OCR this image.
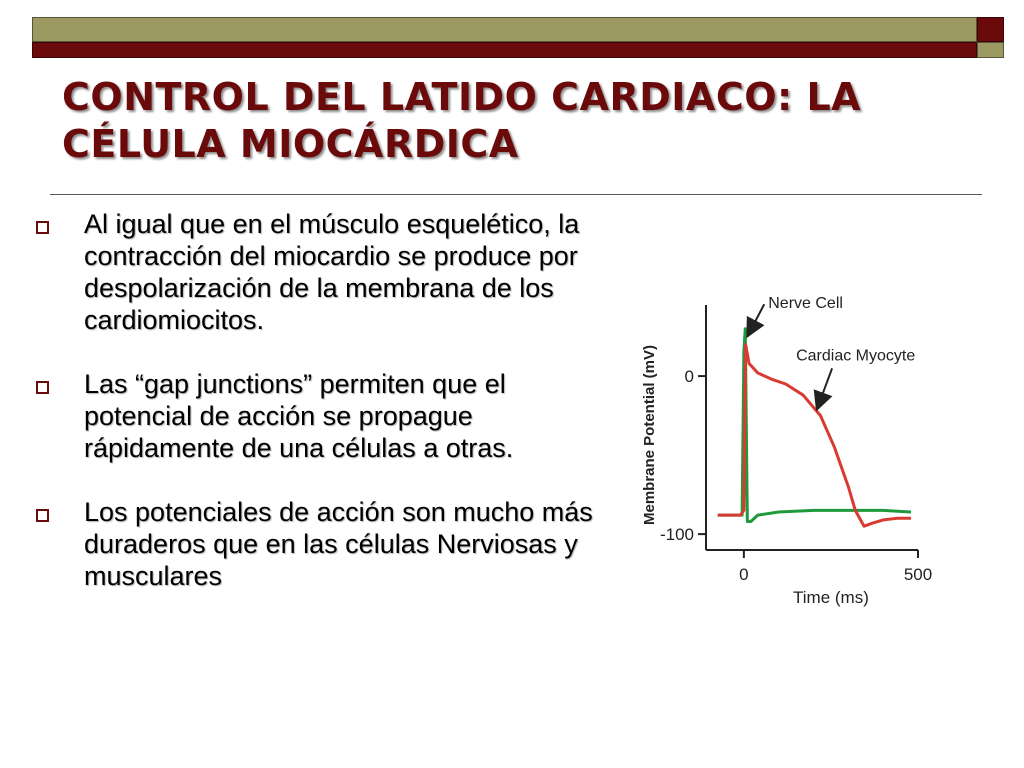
CONTROL DEL LATIDO CARDIACO: LA CÉLULA MIOCÁRDICA
Al igual que en el músculo esquelético, la contracción del miocardio se produce por despolarización de la membrana de los cardiomiocitos.
Las “gap junctions” permiten que el potencial de acción se propague rápidamente de una células a otras.
Los potenciales de acción son mucho más duraderos que en las células Nerviosas y musculares
Membrane Potential (mV)
Time (ms)
0	500
0
-100
Nerve Cell
Cardiac Myocyte
